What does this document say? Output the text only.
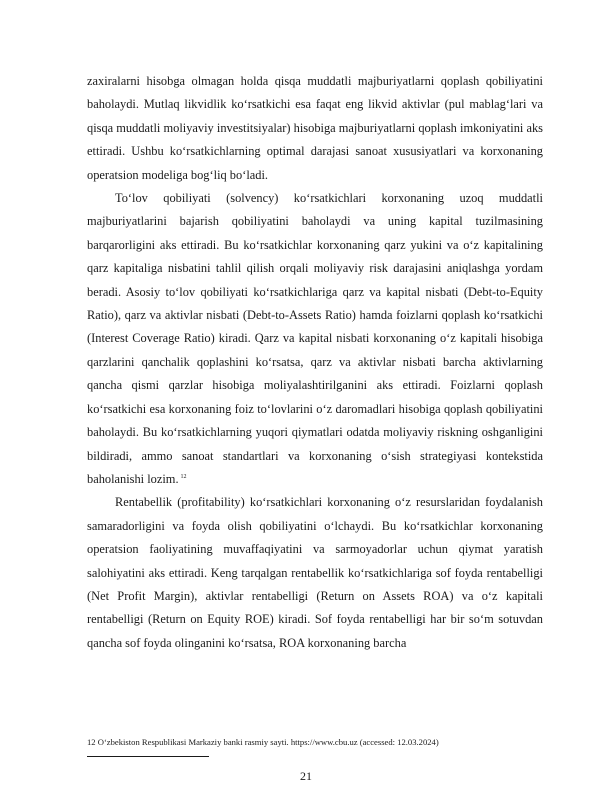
zaxiralarni hisobga olmagan holda qisqa muddatli majburiyatlarni qoplash qobiliyatini baholaydi. Mutlaq likvidlik koʻrsatkichi esa faqat eng likvid aktivlar (pul mablagʻlari va qisqa muddatli moliyaviy investitsiyalar) hisobiga majburiyatlarni qoplash imkoniyatini aks ettiradi. Ushbu koʻrsatkichlarning optimal darajasi sanoat xususiyatlari va korxonaning operatsion modeliga bogʻliq boʻladi.

Toʻlov qobiliyati (solvency) koʻrsatkichlari korxonaning uzoq muddatli majburiyatlarini bajarish qobiliyatini baholaydi va uning kapital tuzilmasining barqarorligini aks ettiradi. Bu koʻrsatkichlar korxonaning qarz yukini va oʻz kapitalining qarz kapitaliga nisbatini tahlil qilish orqali moliyaviy risk darajasini aniqlashga yordam beradi. Asosiy toʻlov qobiliyati koʻrsatkichlariga qarz va kapital nisbati (Debt-to-Equity Ratio), qarz va aktivlar nisbati (Debt-to-Assets Ratio) hamda foizlarni qoplash koʻrsatkichi (Interest Coverage Ratio) kiradi. Qarz va kapital nisbati korxonaning oʻz kapitali hisobiga qarzlarini qanchalik qoplashini koʻrsatsa, qarz va aktivlar nisbati barcha aktivlarning qancha qismi qarzlar hisobiga moliyalashtirilganini aks ettiradi. Foizlarni qoplash koʻrsatkichi esa korxonaning foiz toʻlovlarini oʻz daromadlari hisobiga qoplash qobiliyatini baholaydi. Bu koʻrsatkichlarning yuqori qiymatlari odatda moliyaviy riskning oshganligini bildiradi, ammo sanoat standartlari va korxonaning oʻsish strategiyasi kontekstida baholanishi lozim. $^{12}$

Rentabellik (profitability) koʻrsatkichlari korxonaning oʻz resurslaridan foydalanish samaradorligini va foyda olish qobiliyatini oʻlchaydi. Bu koʻrsatkichlar korxonaning operatsion faoliyatining muvaffaqiyatini va sarmoyadorlar uchun qiymat yaratish salohiyatini aks ettiradi. Keng tarqalgan rentabellik koʻrsatkichlariga sof foyda rentabelligi (Net Profit Margin), aktivlar rentabelligi (Return on Assets ROA) va oʻz kapitali rentabelligi (Return on Equity ROE) kiradi. Sof foyda rentabelligi har bir soʻm sotuvdan qancha sof foyda olinganini koʻrsatsa, ROA korxonaning barcha

12 O‘zbekiston Respublikasi Markaziy banki rasmiy sayti. https://www.cbu.uz (accessed: 12.03.2024)
21
